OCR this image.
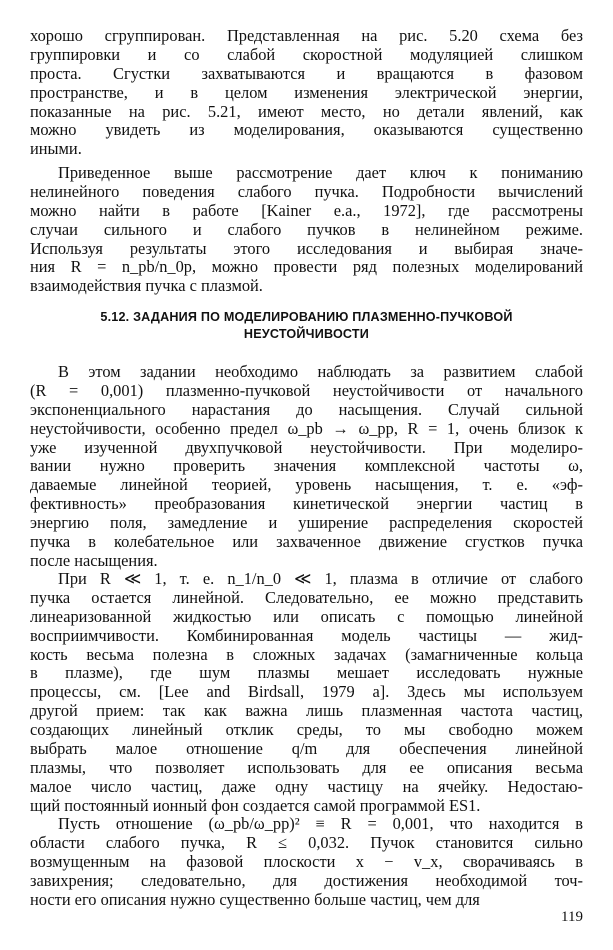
хорошо сгруппирован. Представленная на рис. 5.20 схема без
группировки и со слабой скоростной модуляцией слишком
проста. Сгустки захватываются и вращаются в фазовом
пространстве, и в целом изменения электрической энергии,
показанные на рис. 5.21, имеют место, но детали явлений, как
можно увидеть из моделирования, оказываются существенно
иными.
Приведенное выше рассмотрение дает ключ к пониманию
нелинейного поведения слабого пучка. Подробности вычислений
можно найти в работе [Kainer e.a., 1972], где рассмотрены
случаи сильного и слабого пучков в нелинейном режиме.
Используя результаты этого исследования и выбирая значе-
ния R = n_pb/n_0p, можно провести ряд полезных моделирований
взаимодействия пучка с плазмой.
5.12. ЗАДАНИЯ ПО МОДЕЛИРОВАНИЮ ПЛАЗМЕННО-ПУЧКОВОЙ
НЕУСТОЙЧИВОСТИ
В этом задании необходимо наблюдать за развитием слабой
(R = 0,001) плазменно-пучковой неустойчивости от начального
экспоненциального нарастания до насыщения. Случай сильной
неустойчивости, особенно предел ω_pb → ω_pp, R = 1, очень близок к
уже изученной двухпучковой неустойчивости. При моделиро-
вании нужно проверить значения комплексной частоты ω,
даваемые линейной теорией, уровень насыщения, т. е. «эф-
фективность» преобразования кинетической энергии частиц в
энергию поля, замедление и уширение распределения скоростей
пучка в колебательное или захваченное движение сгустков пучка
после насыщения.
При R ≪ 1, т. е. n_1/n_0 ≪ 1, плазма в отличие от слабого
пучка остается линейной. Следовательно, ее можно представить
линеаризованной жидкостью или описать с помощью линейной
восприимчивости. Комбинированная модель частицы — жид-
кость весьма полезна в сложных задачах (замагниченные кольца
в плазме), где шум плазмы мешает исследовать нужные
процессы, см. [Lee and Birdsall, 1979 a]. Здесь мы используем
другой прием: так как важна лишь плазменная частота частиц,
создающих линейный отклик среды, то мы свободно можем
выбрать малое отношение q/m для обеспечения линейной
плазмы, что позволяет использовать для ее описания весьма
малое число частиц, даже одну частицу на ячейку. Недостаю-
щий постоянный ионный фон создается самой программой ES1.
Пусть отношение (ω_pb/ω_pp)² ≡ R = 0,001, что находится в
области слабого пучка, R ≤ 0,032. Пучок становится сильно
возмущенным на фазовой плоскости x − v_x, сворачиваясь в
завихрения; следовательно, для достижения необходимой точ-
ности его описания нужно существенно больше частиц, чем для
119
